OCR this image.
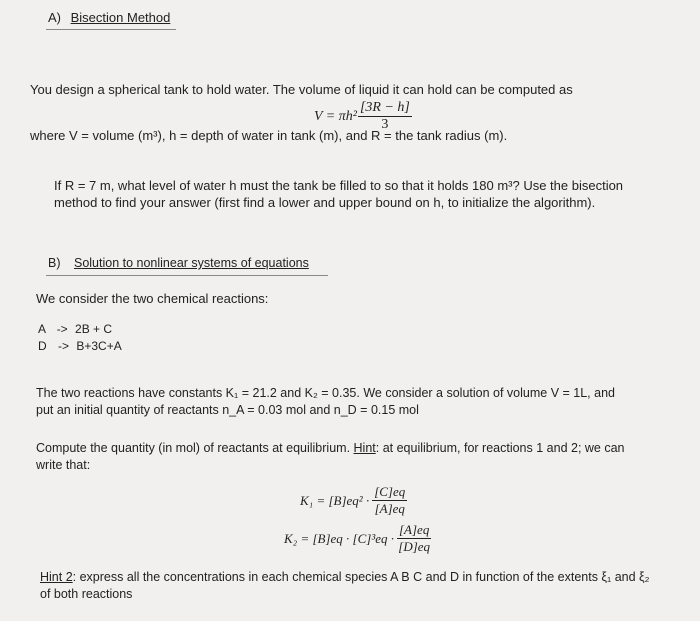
A) Bisection Method
You design a spherical tank to hold water. The volume of liquid it can hold can be computed as
$V = \pi h^2 \frac{[3R - h]}{3}$
where V = volume (m³), h = depth of water in tank (m), and R = the tank radius (m).
If R = 7 m, what level of water h must the tank be filled to so that it holds 180 m³? Use the bisection
method to find your answer (first find a lower and upper bound on h, to initialize the algorithm).
B) Solution to nonlinear systems of equations
We consider the two chemical reactions:
A -> 2B + C
D -> B+3C+A
The two reactions have constants K₁ = 21.2 and K₂ = 0.35. We consider a solution of volume V = 1L, and
put an initial quantity of reactants n_A = 0.03 mol and n_D = 0.15 mol
Compute the quantity (in mol) of reactants at equilibrium. Hint: at equilibrium, for reactions 1 and 2; we can
write that:
$K_1 = [B]eq^2 \cdot \frac{[C]eq}{[A]eq}$
$K_2 = [B]eq \cdot [C]^3eq \cdot \frac{[A]eq}{[D]eq}$
Hint 2: express all the concentrations in each chemical species A B C and D in function of the extents ξ₁ and ξ₂
of both reactions
